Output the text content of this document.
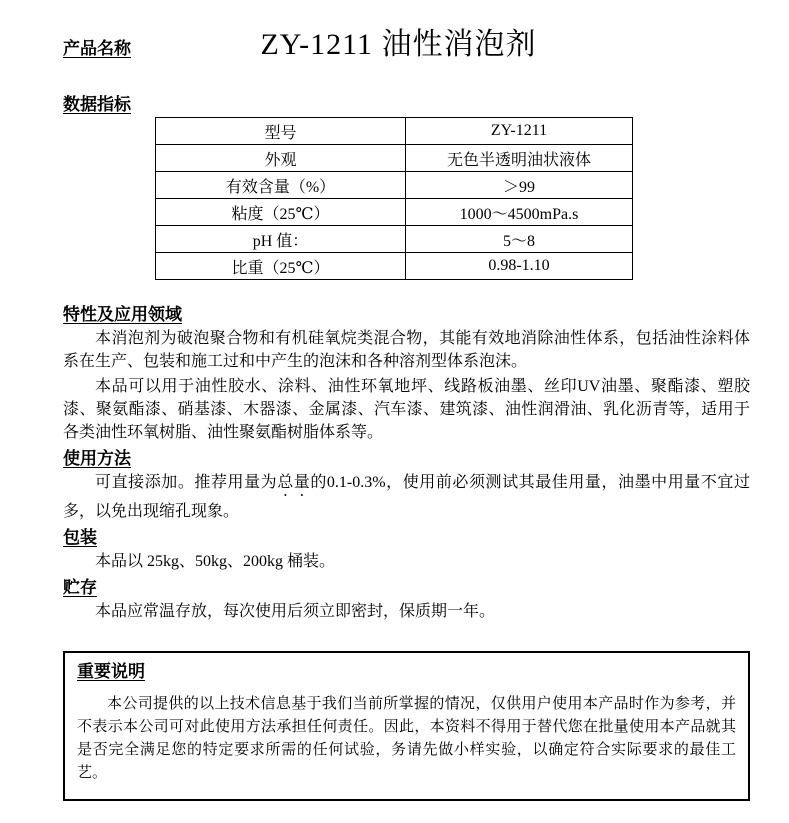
产品名称	ZY-1211 油性消泡剂
数据指标
型号	ZY-1211
外观	无色半透明油状液体
有效含量（%）	＞99
粘度（25℃）	1000～4500mPa.s
pH 值：	5～8
比重（25℃）	0.98-1.10
特性及应用领域

本消泡剂为破泡聚合物和有机硅氧烷类混合物，其能有效地消除油性体系，包括油性涂料体系在生产、包装和施工过和中产生的泡沫和各种溶剂型体系泡沫。

本品可以用于油性胶水、涂料、油性环氧地坪、线路板油墨、丝印UV油墨、聚酯漆、塑胶漆、聚氨酯漆、硝基漆、木器漆、金属漆、汽车漆、建筑漆、油性润滑油、乳化沥青等，适用于各类油性环氧树脂、油性聚氨酯树脂体系等。

使用方法

可直接添加。推荐用量为总量的0.1-0.3%，使用前必须测试其最佳用量，油墨中用量不宜过多，以免出现缩孔现象。

包装

本品以 25kg、50kg、200kg 桶装。

贮存

本品应常温存放，每次使用后须立即密封，保质期一年。

重要说明

本公司提供的以上技术信息基于我们当前所掌握的情况，仅供用户使用本产品时作为参考，并不表示本公司可对此使用方法承担任何责任。因此，本资料不得用于替代您在批量使用本产品就其是否完全满足您的特定要求所需的任何试验，务请先做小样实验，以确定符合实际要求的最佳工艺。
